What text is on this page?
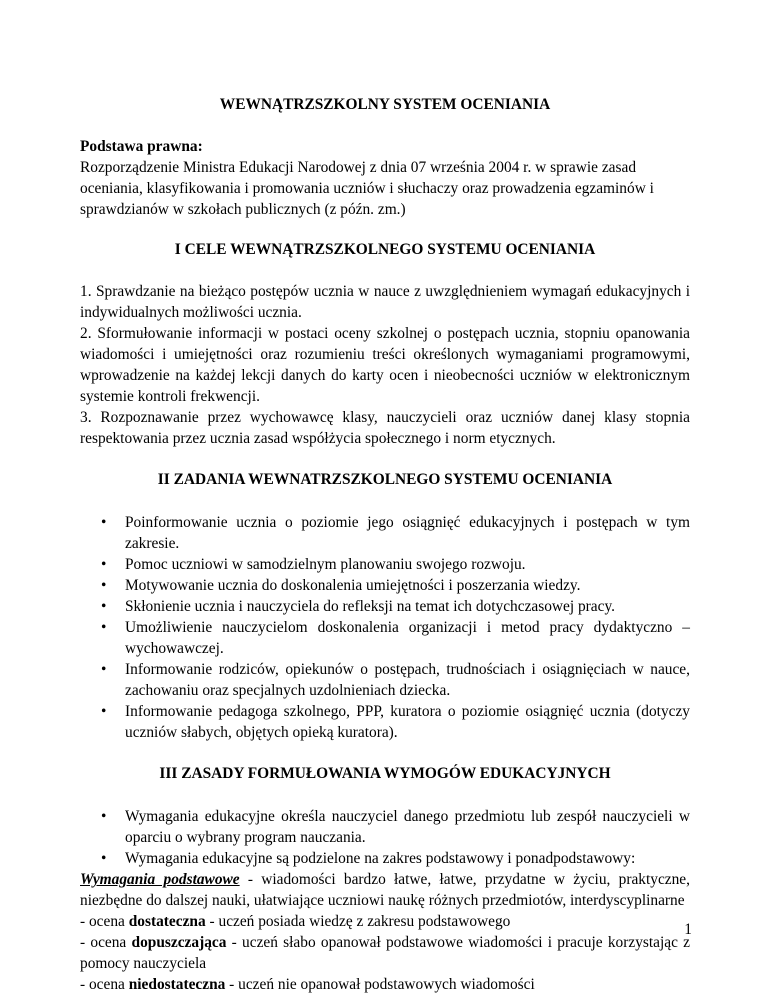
WEWNĄTRZSZKOLNY SYSTEM OCENIANIA

Podstawa prawna:

Rozporządzenie Ministra Edukacji Narodowej z dnia 07 września 2004 r. w sprawie zasad oceniania, klasyfikowania i promowania uczniów i słuchaczy oraz prowadzenia egzaminów i sprawdzianów w szkołach publicznych (z późn. zm.)

I CELE WEWNĄTRZSZKOLNEGO SYSTEMU OCENIANIA

1. Sprawdzanie na bieżąco postępów ucznia w nauce z uwzględnieniem wymagań edukacyjnych i indywidualnych możliwości ucznia.

2. Sformułowanie informacji w postaci oceny szkolnej o postępach ucznia, stopniu opanowania wiadomości i umiejętności oraz rozumieniu treści określonych wymaganiami programowymi, wprowadzenie na każdej lekcji danych do karty ocen i nieobecności uczniów w elektronicznym systemie kontroli frekwencji.

3. Rozpoznawanie przez wychowawcę klasy, nauczycieli oraz uczniów danej klasy stopnia respektowania przez ucznia zasad współżycia społecznego i norm etycznych.

II ZADANIA WEWNATRZSZKOLNEGO SYSTEMU OCENIANIA

• Poinformowanie ucznia o poziomie jego osiągnięć edukacyjnych i postępach w tym zakresie.
• Pomoc uczniowi w samodzielnym planowaniu swojego rozwoju.
• Motywowanie ucznia do doskonalenia umiejętności i poszerzania wiedzy.
• Skłonienie ucznia i nauczyciela do refleksji na temat ich dotychczasowej pracy.
• Umożliwienie nauczycielom doskonalenia organizacji i metod pracy dydaktyczno – wychowawczej.
• Informowanie rodziców, opiekunów o postępach, trudnościach i osiągnięciach w nauce, zachowaniu oraz specjalnych uzdolnieniach dziecka.
• Informowanie pedagoga szkolnego, PPP, kuratora o poziomie osiągnięć ucznia (dotyczy uczniów słabych, objętych opieką kuratora).

III ZASADY FORMUŁOWANIA WYMOGÓW EDUKACYJNYCH

• Wymagania edukacyjne określa nauczyciel danego przedmiotu lub zespół nauczycieli w oparciu o wybrany program nauczania.
• Wymagania edukacyjne są podzielone na zakres podstawowy i ponadpodstawowy:

Wymagania podstawowe - wiadomości bardzo łatwe, łatwe, przydatne w życiu, praktyczne, niezbędne do dalszej nauki, ułatwiające uczniowi naukę różnych przedmiotów, interdyscyplinarne

- ocena dostateczna - uczeń posiada wiedzę z zakresu podstawowego

- ocena dopuszczająca - uczeń słabo opanował podstawowe wiadomości i pracuje korzystając z pomocy nauczyciela

- ocena niedostateczna - uczeń nie opanował podstawowych wiadomości

1
